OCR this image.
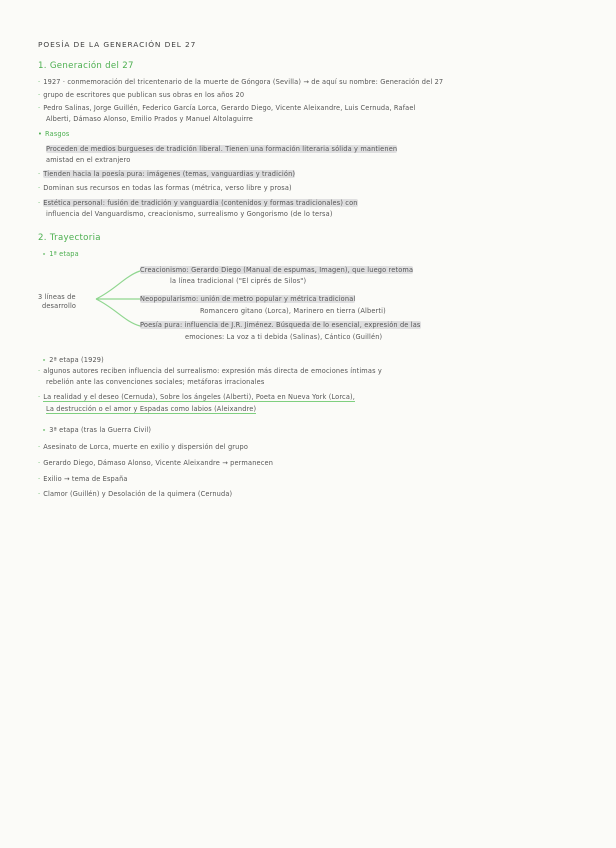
POESÍA DE LA GENERACIÓN DEL 27
1. Generación del 27
· 1927 · conmemoración del tricentenario de la muerte de Góngora (Sevilla) → de aquí su nombre: Generación del 27
· grupo de escritores que publican sus obras en los años 20
· Pedro Salinas, Jorge Guillén, Federico García Lorca, Gerardo Diego, Vicente Aleixandre, Luis Cernuda, Rafael
Alberti, Dámaso Alonso, Emilio Prados y Manuel Altolaguirre
• Rasgos
Proceden de medios burgueses de tradición liberal. Tienen una formación literaria sólida y mantienen
amistad en el extranjero
· Tienden hacia la poesía pura: imágenes (temas, vanguardias y tradición)
· Dominan sus recursos en todas las formas (métrica, verso libre y prosa)
· Estética personal: fusión de tradición y vanguardia (contenidos y formas tradicionales) con
influencia del Vanguardismo, creacionismo, surrealismo y Gongorismo (de lo tersa)
2. Trayectoria
∘ 1ª etapa
3 líneas de
desarrollo
Creacionismo: Gerardo Diego (Manual de espumas, Imagen), que luego retoma
la línea tradicional ("El ciprés de Silos")
Neopopularismo: unión de metro popular y métrica tradicional
Romancero gitano (Lorca), Marinero en tierra (Alberti)
Poesía pura: influencia de J.R. Jiménez. Búsqueda de lo esencial, expresión de las
emociones: La voz a ti debida (Salinas), Cántico (Guillén)
∘ 2ª etapa (1929)
· algunos autores reciben influencia del surrealismo: expresión más directa de emociones íntimas y
rebelión ante las convenciones sociales; metáforas irracionales
· La realidad y el deseo (Cernuda), Sobre los ángeles (Alberti), Poeta en Nueva York (Lorca),
La destrucción o el amor y Espadas como labios (Aleixandre)
∘ 3ª etapa (tras la Guerra Civil)
· Asesinato de Lorca, muerte en exilio y dispersión del grupo
· Gerardo Diego, Dámaso Alonso, Vicente Aleixandre → permanecen
· Exilio → tema de España
· Clamor (Guillén) y Desolación de la quimera (Cernuda)
